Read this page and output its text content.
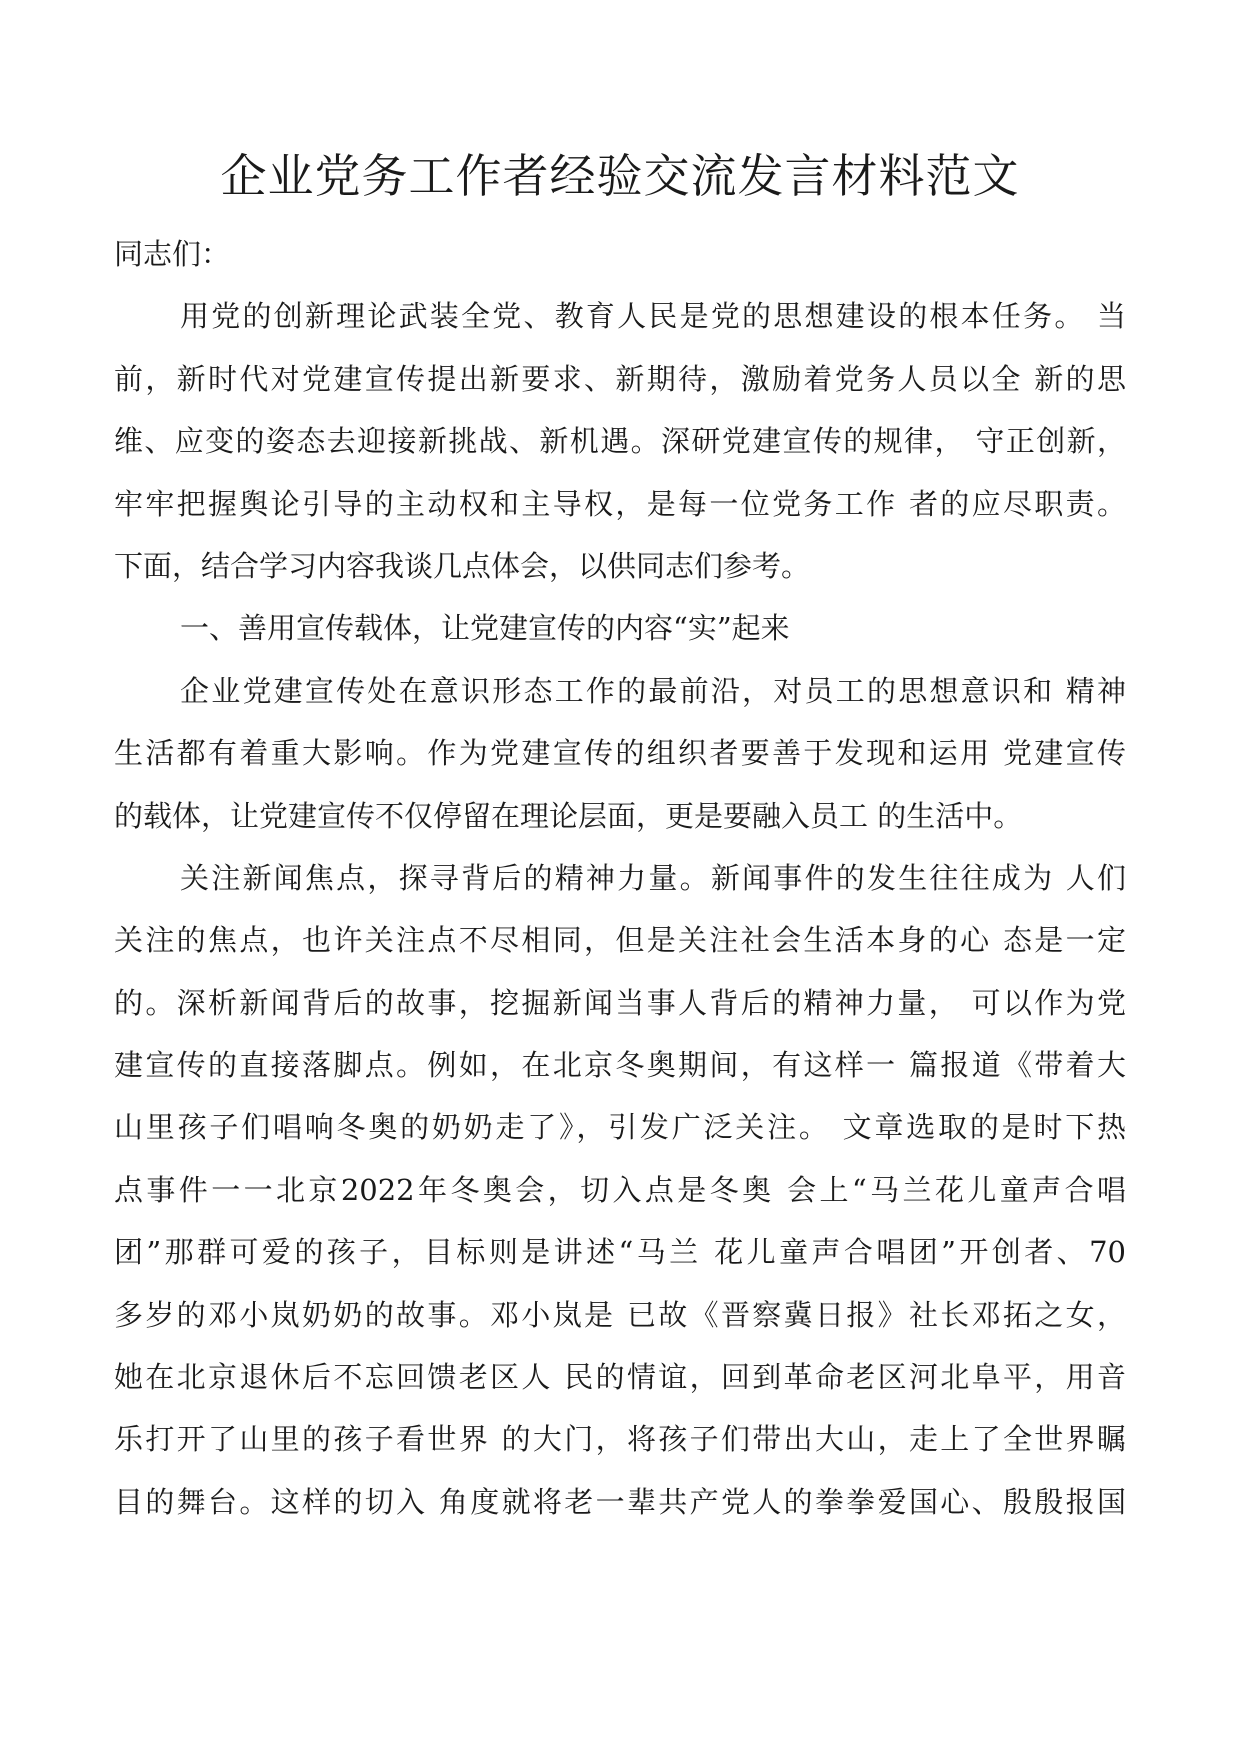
企业党务工作者经验交流发言材料范文

同志们：

用党的创新理论武装全党、教育人民是党的思想建设的根本任务。 当

前，新时代对党建宣传提出新要求、新期待，激励着党务人员以全 新的思

维、应变的姿态去迎接新挑战、新机遇。深研党建宣传的规律， 守正创新，

牢牢把握舆论引导的主动权和主导权，是每一位党务工作 者的应尽职责。

下面，结合学习内容我谈几点体会，以供同志们参考。

一、善用宣传载体，让党建宣传的内容“实”起来

企业党建宣传处在意识形态工作的最前沿，对员工的思想意识和 精神

生活都有着重大影响。作为党建宣传的组织者要善于发现和运用 党建宣传

的载体，让党建宣传不仅停留在理论层面，更是要融入员工 的生活中。

关注新闻焦点，探寻背后的精神力量。新闻事件的发生往往成为 人们

关注的焦点，也许关注点不尽相同，但是关注社会生活本身的心 态是一定

的。深析新闻背后的故事，挖掘新闻当事人背后的精神力量， 可以作为党

建宣传的直接落脚点。例如，在北京冬奥期间，有这样一 篇报道《带着大

山里孩子们唱响冬奥的奶奶走了》，引发广泛关注。 文章选取的是时下热

点事件一一北京2022年冬奥会，切入点是冬奥 会上“马兰花儿童声合唱

团”那群可爱的孩子，目标则是讲述“马兰 花儿童声合唱团”开创者、70

多岁的邓小岚奶奶的故事。邓小岚是 已故《晋察冀日报》社长邓拓之女，

她在北京退休后不忘回馈老区人 民的情谊，回到革命老区河北阜平，用音

乐打开了山里的孩子看世界 的大门，将孩子们带出大山，走上了全世界瞩

目的舞台。这样的切入 角度就将老一辈共产党人的拳拳爱国心、殷殷报国
